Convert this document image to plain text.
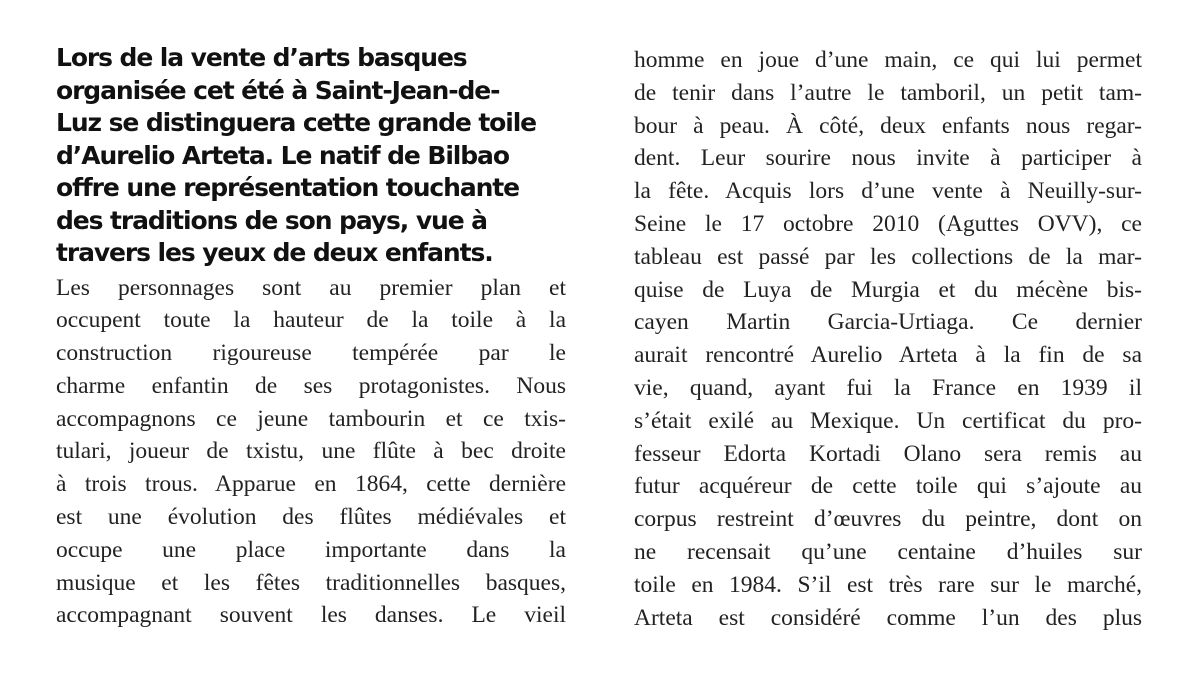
Lors de la vente d’arts basques
organisée cet été à Saint-Jean-de-
Luz se distinguera cette grande toile
d’Aurelio Arteta. Le natif de Bilbao
offre une représentation touchante
des traditions de son pays, vue à
travers les yeux de deux enfants.

Les personnages sont au premier plan et
occupent toute la hauteur de la toile à la
construction rigoureuse tempérée par le
charme enfantin de ses protagonistes. Nous
accompagnons ce jeune tambourin et ce txis-
tulari, joueur de txistu, une flûte à bec droite
à trois trous. Apparue en 1864, cette dernière
est une évolution des flûtes médiévales et
occupe une place importante dans la
musique et les fêtes traditionnelles basques,
accompagnant souvent les danses. Le vieil

homme en joue d’une main, ce qui lui permet
de tenir dans l’autre le tamboril, un petit tam-
bour à peau. À côté, deux enfants nous regar-
dent. Leur sourire nous invite à participer à
la fête. Acquis lors d’une vente à Neuilly-sur-
Seine le 17 octobre 2010 (Aguttes OVV), ce
tableau est passé par les collections de la mar-
quise de Luya de Murgia et du mécène bis-
cayen Martin Garcia-Urtiaga. Ce dernier
aurait rencontré Aurelio Arteta à la fin de sa
vie, quand, ayant fui la France en 1939 il
s’était exilé au Mexique. Un certificat du pro-
fesseur Edorta Kortadi Olano sera remis au
futur acquéreur de cette toile qui s’ajoute au
corpus restreint d’œuvres du peintre, dont on
ne recensait qu’une centaine d’huiles sur
toile en 1984. S’il est très rare sur le marché,
Arteta est considéré comme l’un des plus
